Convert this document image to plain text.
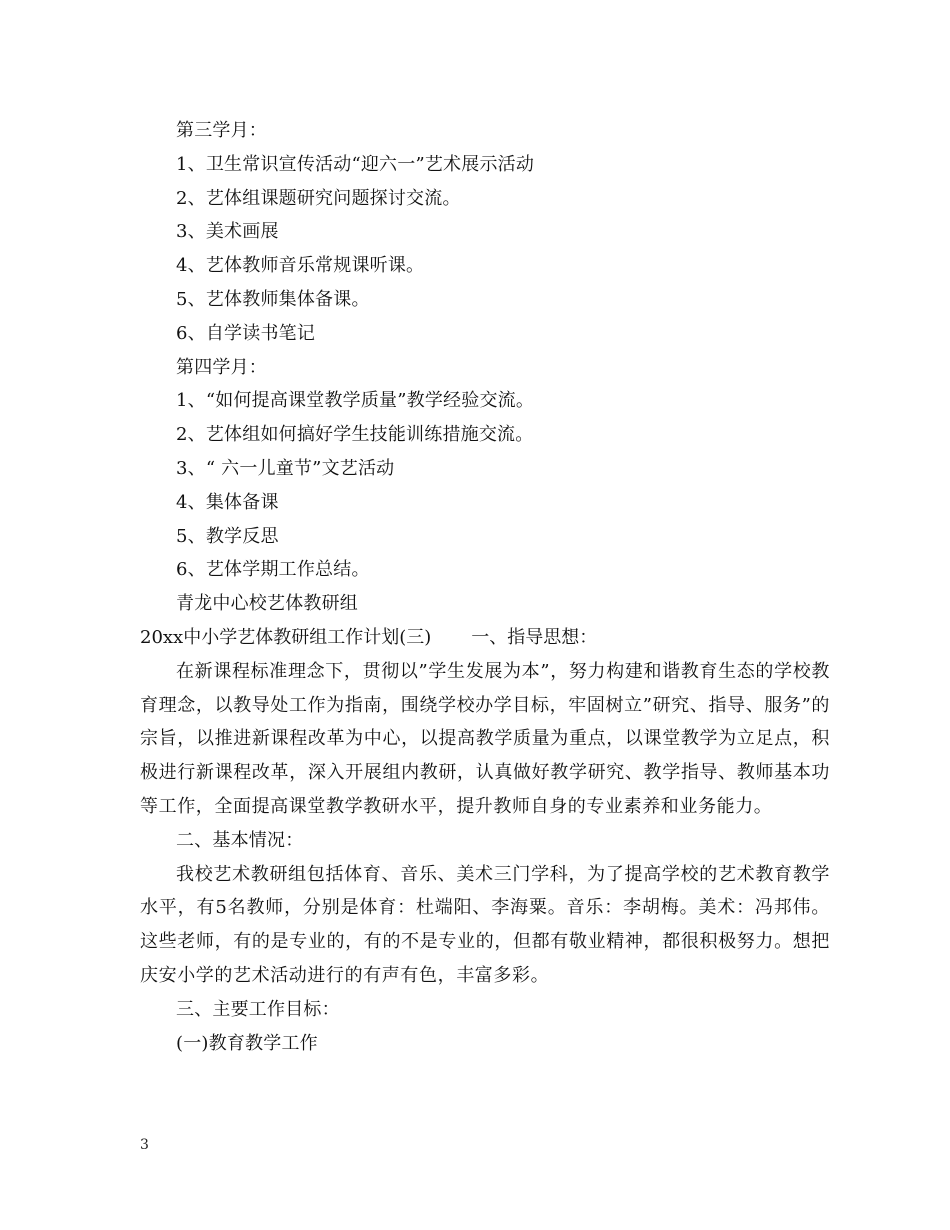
第三学月：
1、卫生常识宣传活动“迎六一”艺术展示活动
2、艺体组课题研究问题探讨交流。
3、美术画展
4、艺体教师音乐常规课听课。
5、艺体教师集体备课。
6、自学读书笔记
第四学月：
1、“如何提高课堂教学质量”教学经验交流。
2、艺体组如何搞好学生技能训练措施交流。
3、“ 六一儿童节”文艺活动
4、集体备课
5、教学反思
6、艺体学期工作总结。
青龙中心校艺体教研组
20xx中小学艺体教研组工作计划(三) 一、指导思想：
在新课程标准理念下，贯彻以”学生发展为本”，努力构建和谐教育生态的学校教育理念，以教导处工作为指南，围绕学校办学目标，牢固树立”研究、指导、服务”的宗旨，以推进新课程改革为中心，以提高教学质量为重点，以课堂教学为立足点，积极进行新课程改革，深入开展组内教研，认真做好教学研究、教学指导、教师基本功等工作，全面提高课堂教学教研水平，提升教师自身的专业素养和业务能力。
二、基本情况：
我校艺术教研组包括体育、音乐、美术三门学科，为了提高学校的艺术教育教学水平，有5名教师，分别是体育：杜端阳、李海粟。音乐：李胡梅。美术：冯邦伟。这些老师，有的是专业的，有的不是专业的，但都有敬业精神，都很积极努力。想把庆安小学的艺术活动进行的有声有色，丰富多彩。
三、主要工作目标：
(一)教育教学工作
3
